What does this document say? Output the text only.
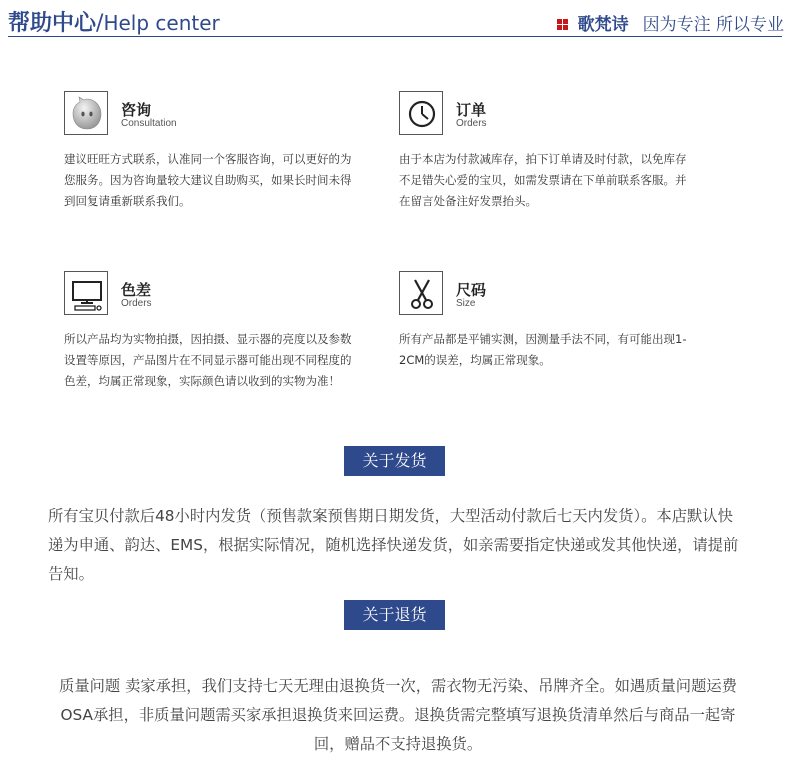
帮助中心/Help center	歌梵诗 因为专注 所以专业
咨询
Consultation
建议旺旺方式联系，认准同一个客服咨询，可以更好的为您服务。因为咨询量较大建议自助购买，如果长时间未得到回复请重新联系我们。
订单
Orders
由于本店为付款减库存，拍下订单请及时付款，以免库存不足错失心爱的宝贝，如需发票请在下单前联系客服。并在留言处备注好发票抬头。
色差
Orders
所以产品均为实物拍摄，因拍摄、显示器的亮度以及参数设置等原因，产品图片在不同显示器可能出现不同程度的色差，均属正常现象，实际颜色请以收到的实物为准！
尺码
Size
所有产品都是平铺实测，因测量手法不同，有可能出现1-2CM的误差，均属正常现象。
关于发货
所有宝贝付款后48小时内发货（预售款案预售期日期发货，大型活动付款后七天内发货）。本店默认快递为申通、韵达、EMS，根据实际情况，随机选择快递发货，如亲需要指定快递或发其他快递，请提前告知。
关于退货
质量问题 卖家承担，我们支持七天无理由退换货一次，需衣物无污染、吊牌齐全。如遇质量问题运费OSA承担，非质量问题需买家承担退换货来回运费。退换货需完整填写退换货清单然后与商品一起寄回，赠品不支持退换货。
